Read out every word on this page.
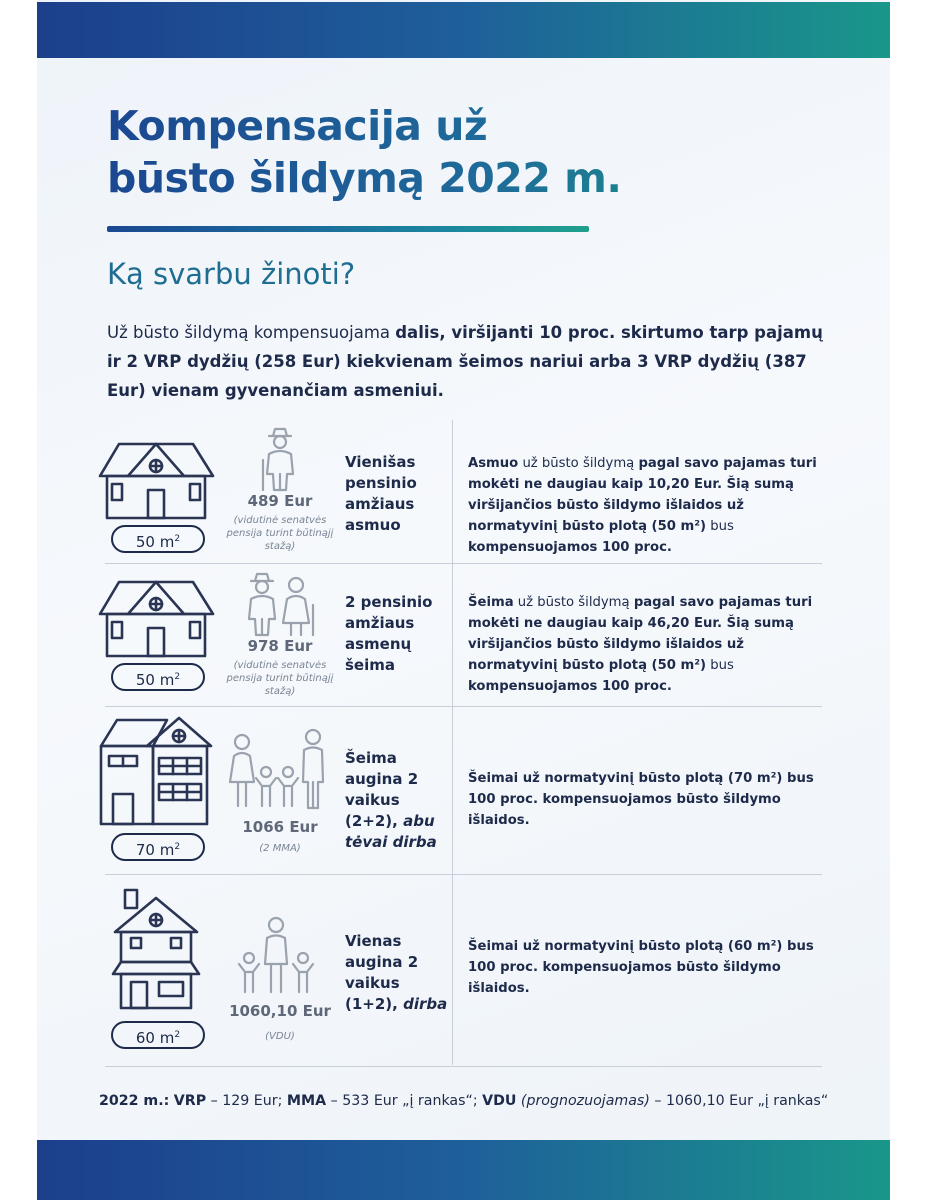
Kompensacija už
būsto šildymą 2022 m.
Ką svarbu žinoti?

Už būsto šildymą kompensuojama dalis, viršijanti 10 proc. skirtumo tarp pajamų ir 2 VRP dydžių (258 Eur) kiekvienam šeimos nariui arba 3 VRP dydžių (387 Eur) vienam gyvenančiam asmeniui.

50 $m^2$
489 Eur
(vidutinė senatvės pensija turint būtinąjį stažą)
Vienišas
pensinio
amžiaus
asmuo
Asmuo už būsto šildymą pagal savo pajamas turi mokėti ne daugiau kaip 10,20 Eur. Šią sumą viršijančios būsto šildymo išlaidos už normatyvinį būsto plotą (50 m²) bus kompensuojamos 100 proc.
50 $m^2$
978 Eur
(vidutinė senatvės pensija turint būtinąjį stažą)
2 pensinio
amžiaus
asmenų
šeima
Šeima už būsto šildymą pagal savo pajamas turi mokėti ne daugiau kaip 46,20 Eur. Šią sumą viršijančios būsto šildymo išlaidos už normatyvinį būsto plotą (50 m²) bus kompensuojamos 100 proc.
70 $m^2$
1066 Eur
(2 MMA)
Šeima
augina 2
vaikus
(2+2), abu
tėvai dirba
Šeimai už normatyvinį būsto plotą (70 m²) bus 100 proc. kompensuojamos būsto šildymo išlaidos.
60 $m^2$
1060,10 Eur
(VDU)
Vienas
augina 2
vaikus
(1+2), dirba
Šeimai už normatyvinį būsto plotą (60 m²) bus 100 proc. kompensuojamos būsto šildymo išlaidos.

2022 m.: VRP – 129 Eur; MMA – 533 Eur „į rankas“; VDU (prognozuojamas) – 1060,10 Eur „į rankas“
